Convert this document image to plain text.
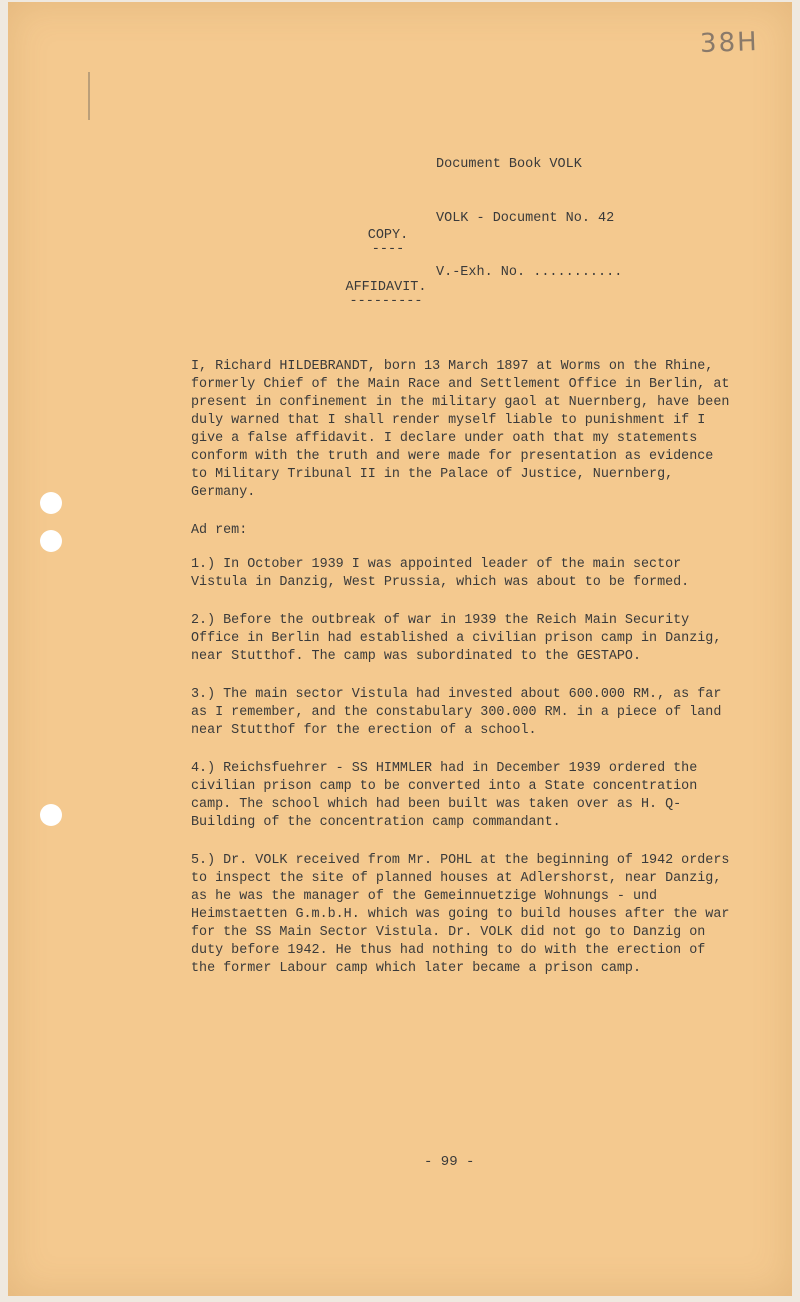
38H

Document Book VOLK

VOLK - Document No. 42

V.-Exh. No. ...........

COPY.
----
AFFIDAVIT.
---------

I, Richard HILDEBRANDT, born 13 March 1897 at Worms on the Rhine, formerly Chief of the Main Race and Settlement Office in Berlin, at present in confinement in the military gaol at Nuernberg, have been duly warned that I shall render myself liable to punishment if I give a false affidavit. I declare under oath that my statements conform with the truth and were made for presentation as evidence to Military Tribunal II in the Palace of Justice, Nuernberg, Germany.

Ad rem:

1.) In October 1939 I was appointed leader of the main sector Vistula in Danzig, West Prussia, which was about to be formed.

2.) Before the outbreak of war in 1939 the Reich Main Security Office in Berlin had established a civilian prison camp in Danzig, near Stutthof. The camp was subordinated to the GESTAPO.

3.) The main sector Vistula had invested about 600.000 RM., as far as I remember, and the constabulary 300.000 RM. in a piece of land near Stutthof for the erection of a school.

4.) Reichsfuehrer - SS HIMMLER had in December 1939 ordered the civilian prison camp to be converted into a State concentration camp. The school which had been built was taken over as H. Q- Building of the concentration camp commandant.

5.) Dr. VOLK received from Mr. POHL at the beginning of 1942 orders to inspect the site of planned houses at Adlershorst, near Danzig, as he was the manager of the Gemeinnuetzige Wohnungs - und Heimstaetten G.m.b.H. which was going to build houses after the war for the SS Main Sector Vistula. Dr. VOLK did not go to Danzig on duty before 1942. He thus had nothing to do with the erection of the former Labour camp which later became a prison camp.

- 99 -
